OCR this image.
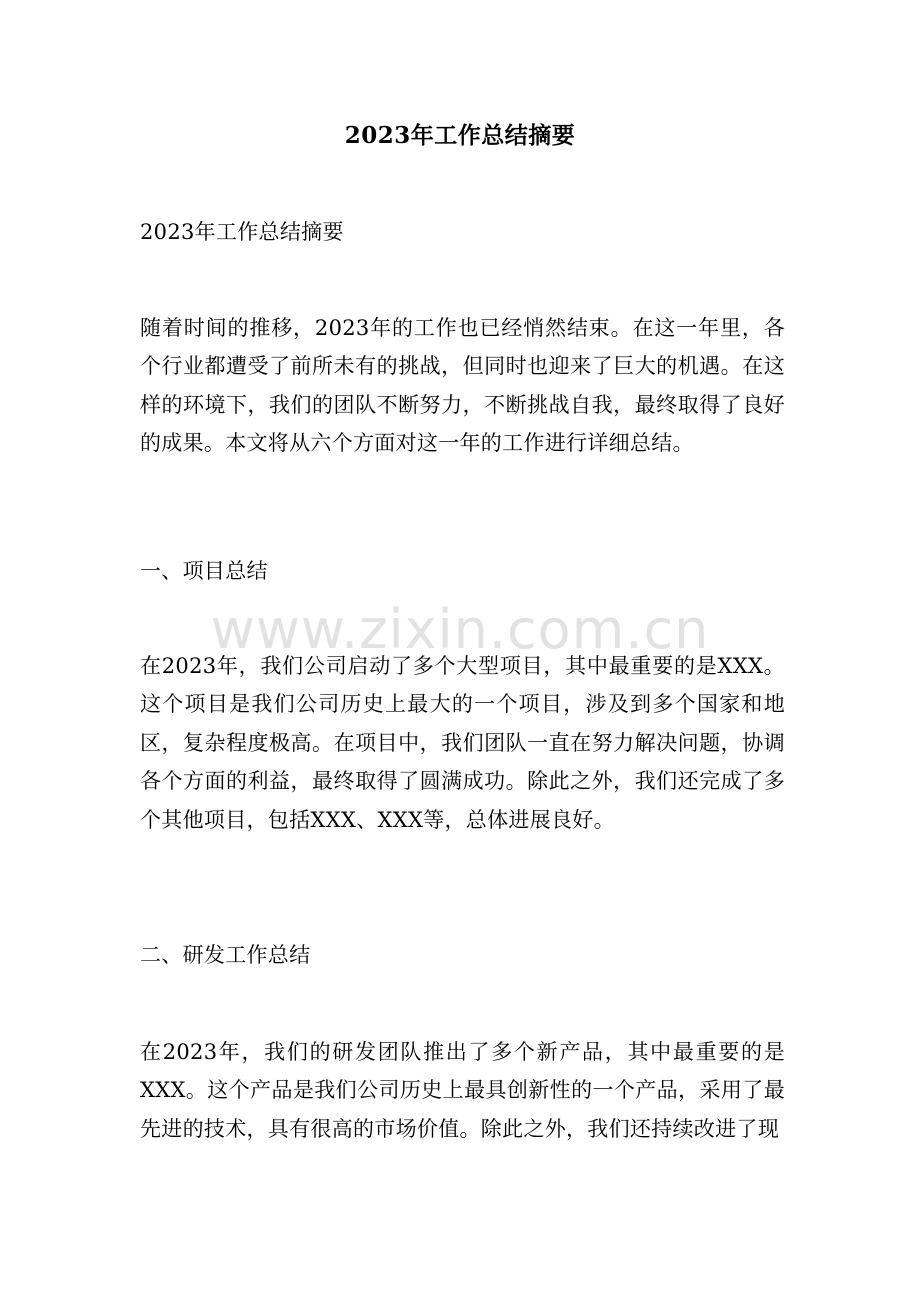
2023年工作总结摘要
2023年工作总结摘要
随着时间的推移，2023年的工作也已经悄然结束。在这一年里，各个行业都遭受了前所未有的挑战，但同时也迎来了巨大的机遇。在这样的环境下，我们的团队不断努力，不断挑战自我，最终取得了良好的成果。本文将从六个方面对这一年的工作进行详细总结。
一、项目总结
在2023年，我们公司启动了多个大型项目，其中最重要的是XXX。这个项目是我们公司历史上最大的一个项目，涉及到多个国家和地区，复杂程度极高。在项目中，我们团队一直在努力解决问题，协调各个方面的利益，最终取得了圆满成功。除此之外，我们还完成了多个其他项目，包括XXX、XXX等，总体进展良好。
二、研发工作总结
在2023年，我们的研发团队推出了多个新产品，其中最重要的是XXX。这个产品是我们公司历史上最具创新性的一个产品，采用了最先进的技术，具有很高的市场价值。除此之外，我们还持续改进了现
www.zixin.com.cn
